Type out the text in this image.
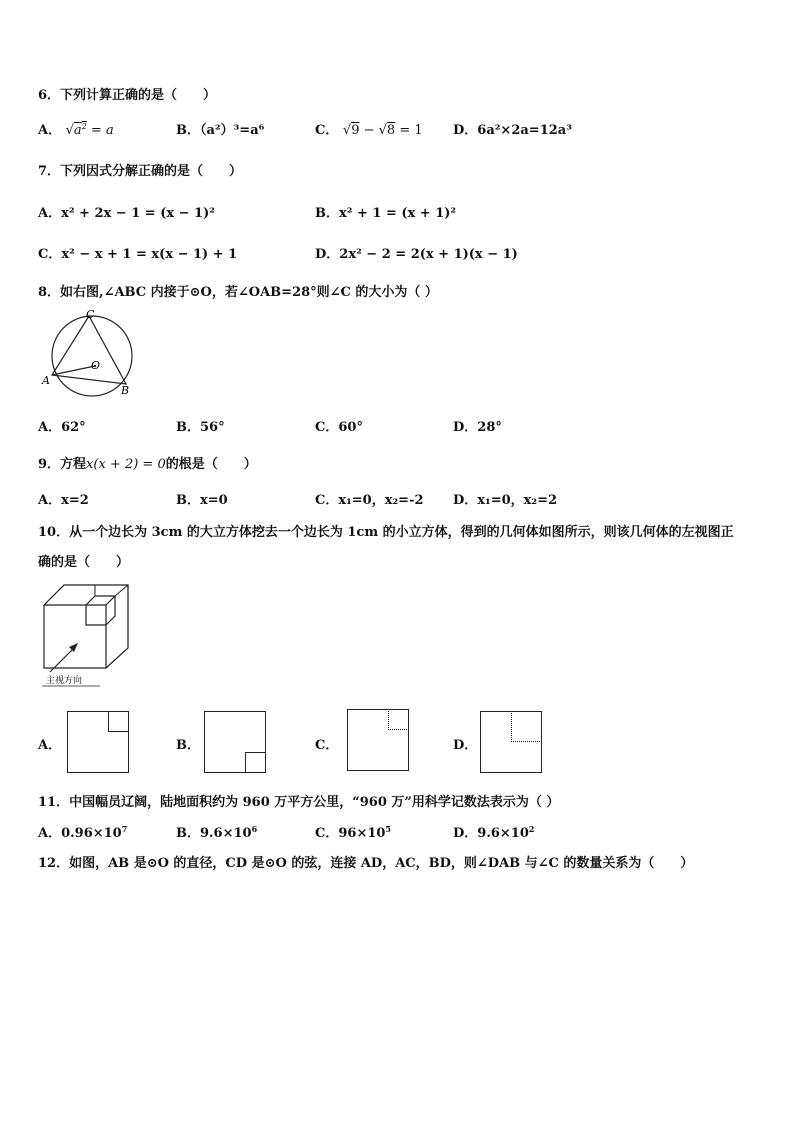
6．下列计算正确的是（　　）
A． $√a^2 = a$	B．（a²）³=a⁶	C． √9 − √8 = 1 D．6a²×2a=12a³
7．下列因式分解正确的是（　　）
A．x² + 2x − 1 = (x − 1)²	B．x² + 1 = (x + 1)²
C．x² − x + 1 = x(x − 1) + 1	D．2x² − 2 = 2(x + 1)(x − 1)
8．如右图,∠ABC 内接于⊙O，若∠OAB=28°则∠C 的大小为（ ）
C
O
A
B
A．62°	B．56°	C．60°	D．28°
9．方程x(x + 2) = 0的根是（　　）
A．x=2	B．x=0	C．x₁=0，x₂=-2 D．x₁=0，x₂=2
10．从一个边长为 3cm 的大立方体挖去一个边长为 1cm 的小立方体，得到的几何体如图所示，则该几何体的左视图正
确的是（　　）
主视方向
A．	B．	C．	D．
11．中国幅员辽阔，陆地面积约为 960 万平方公里，“960 万”用科学记数法表示为（ ）
A．$0.96\times 10^7$	B．$9.6\times 10^6$	C．$96\times 10^5$	D．$9.6\times 10^2$
12．如图，AB 是⊙O 的直径，CD 是⊙O 的弦，连接 AD，AC，BD，则∠DAB 与∠C 的数量关系为（　　）
